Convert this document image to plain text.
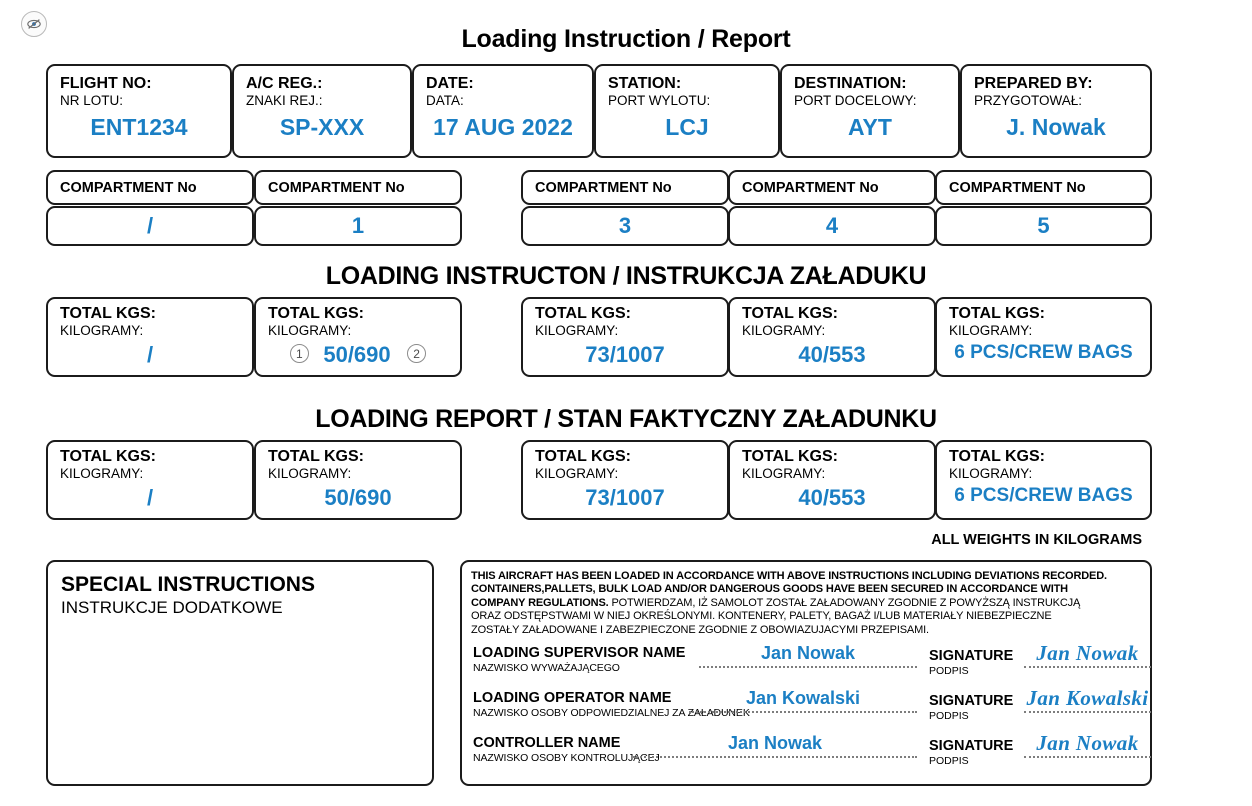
Loading Instruction / Report
FLIGHT NO:
NR LOTU:
ENT1234
A/C REG.:
ZNAKI REJ.:
SP-XXX
DATE:
DATA:
17 AUG 2022
STATION:
PORT WYLOTU:
LCJ
DESTINATION:
PORT DOCELOWY:
AYT
PREPARED BY:
PRZYGOTOWAŁ:
J. Nowak
COMPARTMENT No	COMPARTMENT No	COMPARTMENT No	COMPARTMENT No	COMPARTMENT No
/	1	3	4	5
LOADING INSTRUCTON / INSTRUKCJA ZAŁADUKU
TOTAL KGS:
KILOGRAMY:
/
TOTAL KGS:
KILOGRAMY:
1 50/690 2
TOTAL KGS:
KILOGRAMY:
73/1007
TOTAL KGS:
KILOGRAMY:
40/553
TOTAL KGS:
KILOGRAMY:
6 PCS/CREW BAGS
LOADING REPORT / STAN FAKTYCZNY ZAŁADUNKU
TOTAL KGS:
KILOGRAMY:
/
TOTAL KGS:
KILOGRAMY:
50/690
TOTAL KGS:
KILOGRAMY:
73/1007
TOTAL KGS:
KILOGRAMY:
40/553
TOTAL KGS:
KILOGRAMY:
6 PCS/CREW BAGS
ALL WEIGHTS IN KILOGRAMS
SPECIAL INSTRUCTIONS
INSTRUKCJE DODATKOWE
THIS AIRCRAFT HAS BEEN LOADED IN ACCORDANCE WITH ABOVE INSTRUCTIONS INCLUDING DEVIATIONS RECORDED.
CONTAINERS,PALLETS, BULK LOAD AND/OR DANGEROUS GOODS HAVE BEEN SECURED IN ACCORDANCE WITH
COMPANY REGULATIONS. POTWIERDZAM, IŻ SAMOLOT ZOSTAŁ ZAŁADOWANY ZGODNIE Z POWYŻSZĄ INSTRUKCJĄ
ORAZ ODSTĘPSTWAMI W NIEJ OKREŚLONYMI. KONTENERY, PALETY, BAGAŻ I/LUB MATERIAŁY NIEBEZPIECZNE
ZOSTAŁY ZAŁADOWANE I ZABEZPIECZONE ZGODNIE Z OBOWIAZUJACYMI PRZEPISAMI.
LOADING SUPERVISOR NAME
NAZWISKO WYWAŻAJĄCEGO
Jan Nowak	SIGNATURE
PODPIS
Jan Nowak
LOADING OPERATOR NAME
NAZWISKO OSOBY ODPOWIEDZIALNEJ ZA ZAŁADUNEK
Jan Kowalski	SIGNATURE
PODPIS
Jan Kowalski
CONTROLLER NAME
NAZWISKO OSOBY KONTROLUJĄCEJ
Jan Nowak	SIGNATURE
PODPIS
Jan Nowak
